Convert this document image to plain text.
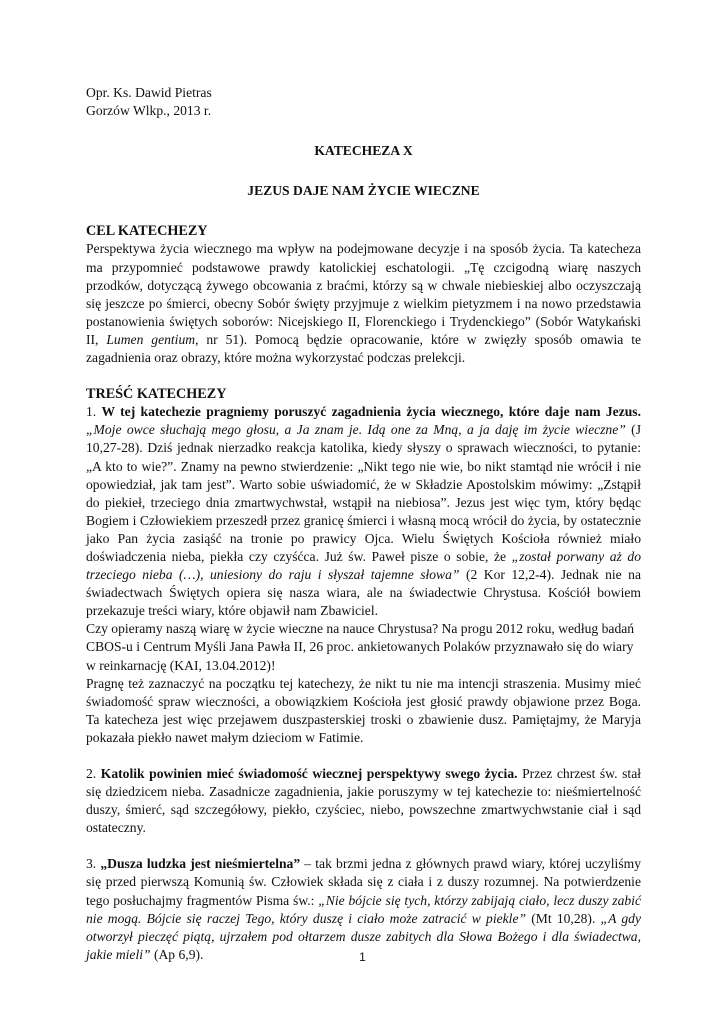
Opr. Ks. Dawid Pietras

Gorzów Wlkp., 2013 r.

KATECHEZA X

JEZUS DAJE NAM ŻYCIE WIECZNE

CEL KATECHEZY

Perspektywa życia wiecznego ma wpływ na podejmowane decyzje i na sposób życia. Ta katecheza ma przypomnieć podstawowe prawdy katolickiej eschatologii. „Tę czcigodną wiarę naszych przodków, dotyczącą żywego obcowania z braćmi, którzy są w chwale niebieskiej albo oczyszczają się jeszcze po śmierci, obecny Sobór święty przyjmuje z wielkim pietyzmem i na nowo przedstawia postanowienia świętych soborów: Nicejskiego II, Florenckiego i Trydenckiego” (Sobór Watykański II, Lumen gentium, nr 51). Pomocą będzie opracowanie, które w zwięzły sposób omawia te zagadnienia oraz obrazy, które można wykorzystać podczas prelekcji.

TREŚĆ KATECHEZY

1. W tej katechezie pragniemy poruszyć zagadnienia życia wiecznego, które daje nam Jezus. „Moje owce słuchają mego głosu, a Ja znam je. Idą one za Mną, a ja daję im życie wieczne” (J 10,27-28). Dziś jednak nierzadko reakcja katolika, kiedy słyszy o sprawach wieczności, to pytanie: „A kto to wie?”. Znamy na pewno stwierdzenie: „Nikt tego nie wie, bo nikt stamtąd nie wrócił i nie opowiedział, jak tam jest”. Warto sobie uświadomić, że w Składzie Apostolskim mówimy: „Zstąpił do piekieł, trzeciego dnia zmartwychwstał, wstąpił na niebiosa”. Jezus jest więc tym, który będąc Bogiem i Człowiekiem przeszedł przez granicę śmierci i własną mocą wrócił do życia, by ostatecznie jako Pan życia zasiąść na tronie po prawicy Ojca. Wielu Świętych Kościoła również miało doświadczenia nieba, piekła czy czyśćca. Już św. Paweł pisze o sobie, że „został porwany aż do trzeciego nieba (…), uniesiony do raju i słyszał tajemne słowa” (2 Kor 12,2-4). Jednak nie na świadectwach Świętych opiera się nasza wiara, ale na świadectwie Chrystusa. Kościół bowiem przekazuje treści wiary, które objawił nam Zbawiciel.

Czy opieramy naszą wiarę w życie wieczne na nauce Chrystusa? Na progu 2012 roku, według badań CBOS-u i Centrum Myśli Jana Pawła II, 26 proc. ankietowanych Polaków przyznawało się do wiary w reinkarnację (KAI, 13.04.2012)!

Pragnę też zaznaczyć na początku tej katechezy, że nikt tu nie ma intencji straszenia. Musimy mieć świadomość spraw wieczności, a obowiązkiem Kościoła jest głosić prawdy objawione przez Boga. Ta katecheza jest więc przejawem duszpasterskiej troski o zbawienie dusz. Pamiętajmy, że Maryja pokazała piekło nawet małym dzieciom w Fatimie.

2. Katolik powinien mieć świadomość wiecznej perspektywy swego życia. Przez chrzest św. stał się dziedzicem nieba. Zasadnicze zagadnienia, jakie poruszymy w tej katechezie to: nieśmiertelność duszy, śmierć, sąd szczegółowy, piekło, czyściec, niebo, powszechne zmartwychwstanie ciał i sąd ostateczny.

3. „Dusza ludzka jest nieśmiertelna” – tak brzmi jedna z głównych prawd wiary, której uczyliśmy się przed pierwszą Komunią św. Człowiek składa się z ciała i z duszy rozumnej. Na potwierdzenie tego posłuchajmy fragmentów Pisma św.: „Nie bójcie się tych, którzy zabijają ciało, lecz duszy zabić nie mogą. Bójcie się raczej Tego, który duszę i ciało może zatracić w piekle” (Mt 10,28). „A gdy otworzył pieczęć piątą, ujrzałem pod ołtarzem dusze zabitych dla Słowa Bożego i dla świadectwa, jakie mieli” (Ap 6,9).	1
